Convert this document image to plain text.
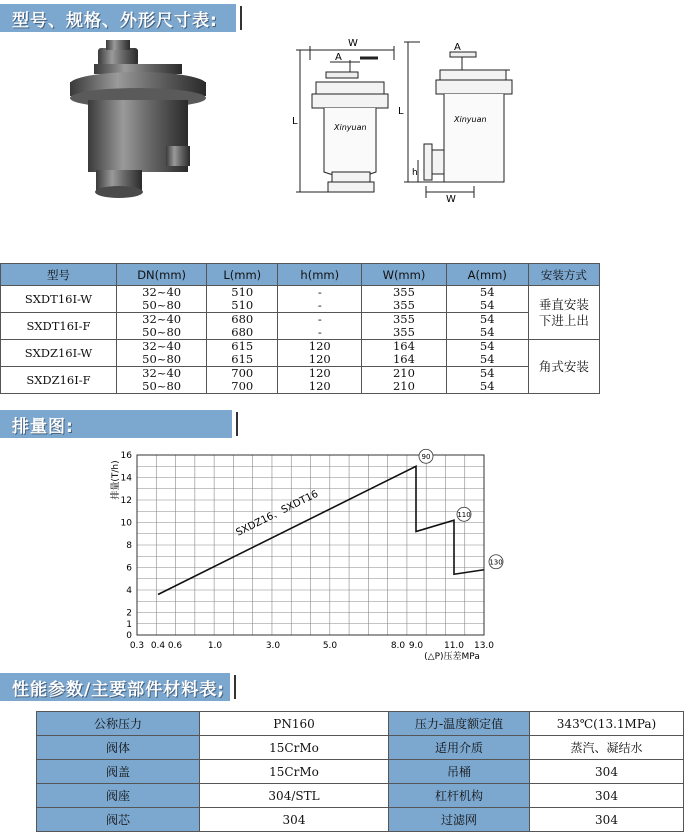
型号、规格、外形尺寸表:
W
A
L
Xinyuan
A
L
h
W
Xinyuan
型号	DN(mm)	L(mm)	h(mm)	W(mm)	A(mm)	安装方式
SXDT16I-W	32~40	510	-	355	54	垂直安装
下进上出

	50~80	510	-	355	54	
SXDT16I-F	32~40	680	-	355	54	
	50~80	680	-	355	54	
SXDZ16I-W	32~40	615	120	164	54	角式安装

	50~80	615	120	164	54	
SXDZ16I-F	32~40	700	120	210	54	
	50~80	700	120	210	54	
排量图:
0.3 0.4 0.6	1.0	3.0	5.0	8.0 9.0 11.0 13.0
0
1
2
4
6
8
10
12
14
16	90
110
130
排量(T/h)
(△P)压差MPa
SXDZ16、SXDT16
性能参数/主要部件材料表;
公称压力	PN160	压力-温度额定值	343℃(13.1MPa)
阀体	15CrMo	适用介质	蒸汽、凝结水
阀盖	15CrMo	吊桶	304
阀座	304/STL	杠杆机构	304
阀芯	304	过滤网	304
